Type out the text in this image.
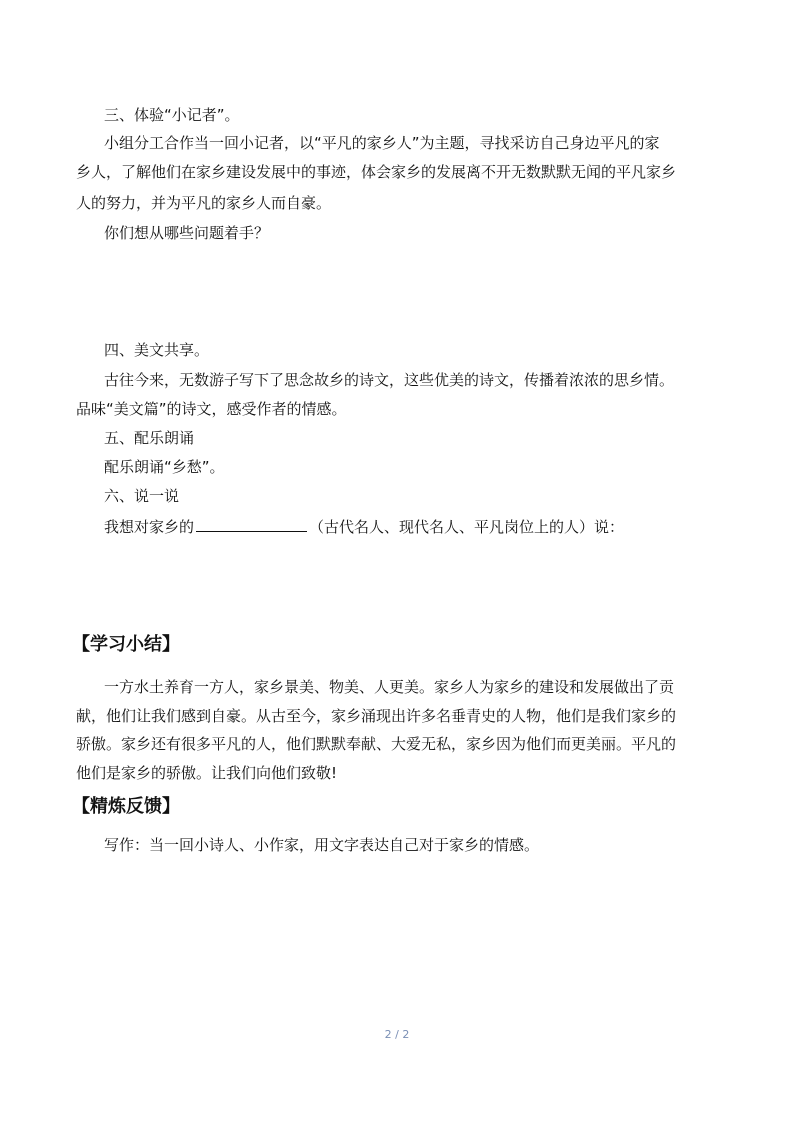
三、体验“小记者”。

小组分工合作当一回小记者，以“平凡的家乡人”为主题，寻找采访自己身边平凡的家

乡人，了解他们在家乡建设发展中的事迹，体会家乡的发展离不开无数默默无闻的平凡家乡

人的努力，并为平凡的家乡人而自豪。

你们想从哪些问题着手？

四、美文共享。

古往今来，无数游子写下了思念故乡的诗文，这些优美的诗文，传播着浓浓的思乡情。

品味“美文篇”的诗文，感受作者的情感。

五、配乐朗诵

配乐朗诵“乡愁”。

六、说一说

我想对家乡的	（古代名人、现代名人、平凡岗位上的人）说：

【学习小结】

一方水土养育一方人，家乡景美、物美、人更美。家乡人为家乡的建设和发展做出了贡

献，他们让我们感到自豪。从古至今，家乡涌现出许多名垂青史的人物，他们是我们家乡的

骄傲。家乡还有很多平凡的人，他们默默奉献、大爱无私，家乡因为他们而更美丽。平凡的

他们是家乡的骄傲。让我们向他们致敬!

【精炼反馈】

写作：当一回小诗人、小作家，用文字表达自己对于家乡的情感。

2 / 2
